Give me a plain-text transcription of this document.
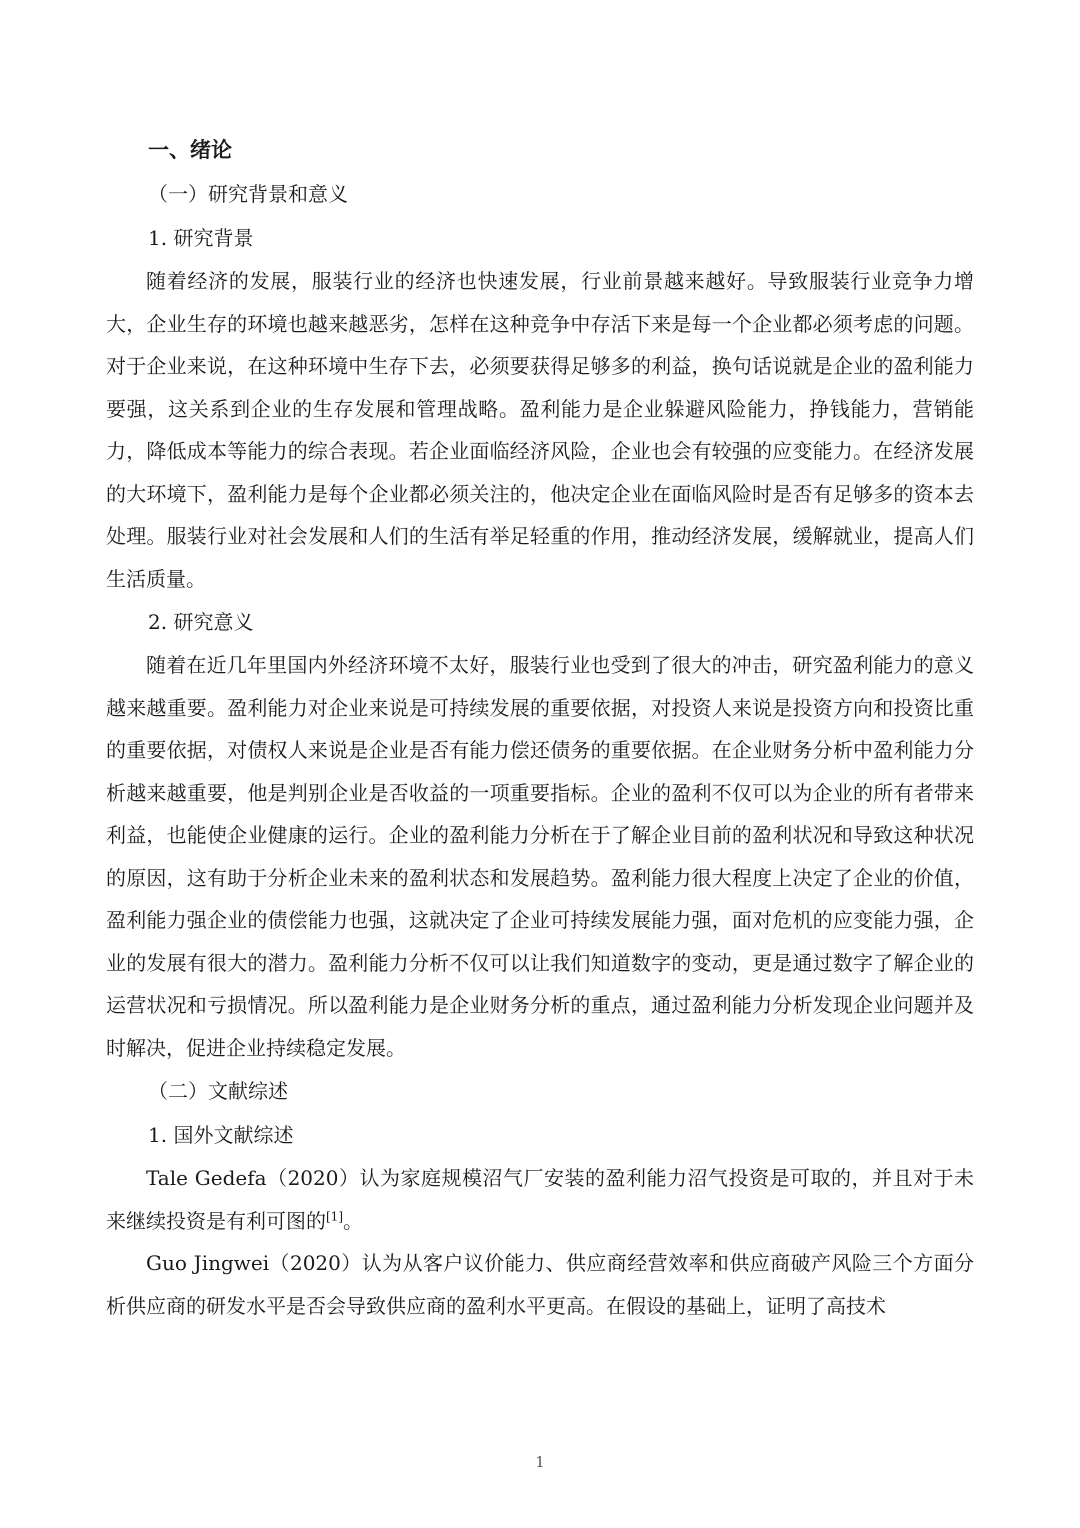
一、绪论
（一）研究背景和意义
1. 研究背景

随着经济的发展，服装行业的经济也快速发展，行业前景越来越好。导致服装行业竞争力增大，企业生存的环境也越来越恶劣，怎样在这种竞争中存活下来是每一个企业都必须考虑的问题。对于企业来说，在这种环境中生存下去，必须要获得足够多的利益，换句话说就是企业的盈利能力要强，这关系到企业的生存发展和管理战略。盈利能力是企业躲避风险能力，挣钱能力，营销能力，降低成本等能力的综合表现。若企业面临经济风险，企业也会有较强的应变能力。在经济发展的大环境下，盈利能力是每个企业都必须关注的，他决定企业在面临风险时是否有足够多的资本去处理。服装行业对社会发展和人们的生活有举足轻重的作用，推动经济发展，缓解就业，提高人们生活质量。

2. 研究意义

随着在近几年里国内外经济环境不太好，服装行业也受到了很大的冲击，研究盈利能力的意义越来越重要。盈利能力对企业来说是可持续发展的重要依据，对投资人来说是投资方向和投资比重的重要依据，对债权人来说是企业是否有能力偿还债务的重要依据。在企业财务分析中盈利能力分析越来越重要，他是判别企业是否收益的一项重要指标。企业的盈利不仅可以为企业的所有者带来利益，也能使企业健康的运行。企业的盈利能力分析在于了解企业目前的盈利状况和导致这种状况的原因，这有助于分析企业未来的盈利状态和发展趋势。盈利能力很大程度上决定了企业的价值，盈利能力强企业的债偿能力也强，这就决定了企业可持续发展能力强，面对危机的应变能力强，企业的发展有很大的潜力。盈利能力分析不仅可以让我们知道数字的变动，更是通过数字了解企业的运营状况和亏损情况。所以盈利能力是企业财务分析的重点，通过盈利能力分析发现企业问题并及时解决，促进企业持续稳定发展。

（二）文献综述
1. 国外文献综述

Tale Gedefa（2020）认为家庭规模沼气厂安装的盈利能力沼气投资是可取的，并且对于未来继续投资是有利可图的[1]。

Guo Jingwei（2020）认为从客户议价能力、供应商经营效率和供应商破产风险三个方面分析供应商的研发水平是否会导致供应商的盈利水平更高。在假设的基础上，证明了高技术

1
